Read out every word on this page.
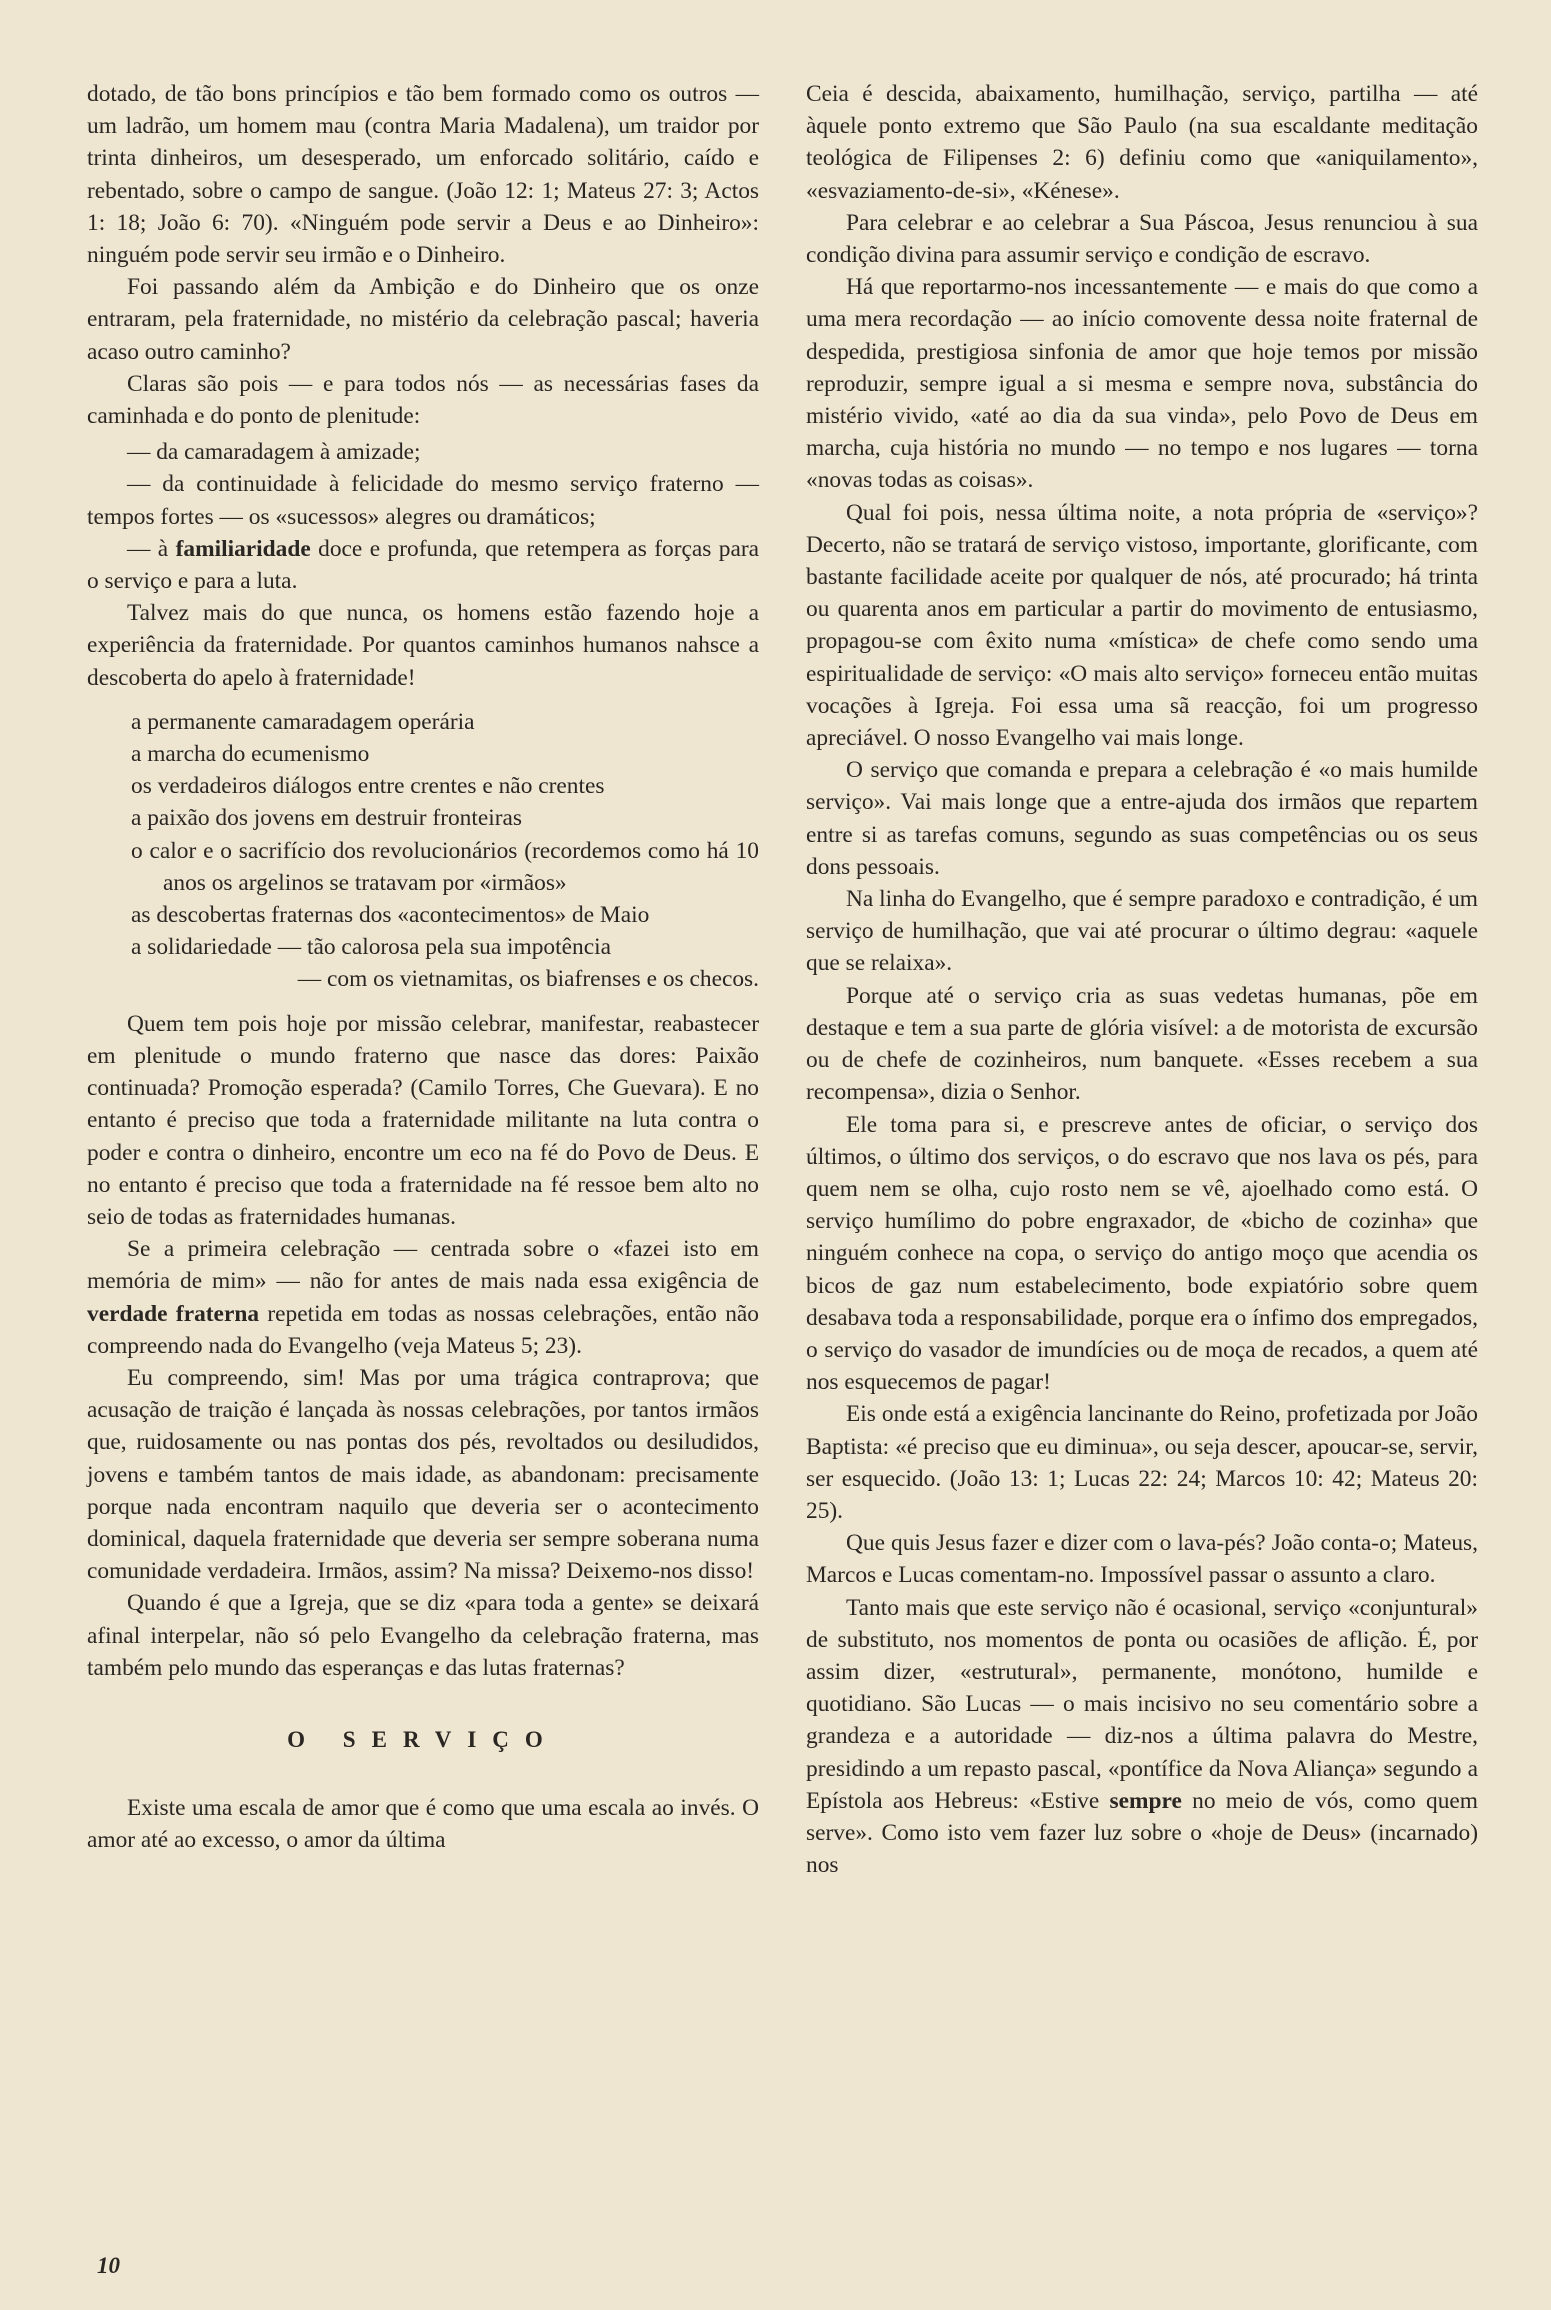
dotado, de tão bons princípios e tão bem formado como os outros — um ladrão, um homem mau (contra Maria Madalena), um traidor por trinta dinheiros, um desesperado, um enforcado solitário, caído e rebentado, sobre o campo de sangue. (João 12: 1; Mateus 27: 3; Actos 1: 18; João 6: 70). «Ninguém pode servir a Deus e ao Dinheiro»: ninguém pode servir seu irmão e o Dinheiro.

Foi passando além da Ambição e do Dinheiro que os onze entraram, pela fraternidade, no mistério da celebração pascal; haveria acaso outro caminho?

Claras são pois — e para todos nós — as necessárias fases da caminhada e do ponto de plenitude:

— da camaradagem à amizade;

— da continuidade à felicidade do mesmo serviço fraterno — tempos fortes — os «sucessos» alegres ou dramáticos;

— à familiaridade doce e profunda, que retempera as forças para o serviço e para a luta.

Talvez mais do que nunca, os homens estão fazendo hoje a experiência da fraternidade. Por quantos caminhos humanos nahsce a descoberta do apelo à fraternidade!

a permanente camaradagem operária
a marcha do ecumenismo
os verdadeiros diálogos entre crentes e não crentes
a paixão dos jovens em destruir fronteiras
o calor e o sacrifício dos revolucionários (recordemos como há 10 anos os argelinos se tratavam por «irmãos»
as descobertas fraternas dos «acontecimentos» de Maio
a solidariedade — tão calorosa pela sua impotência
— com os vietnamitas, os biafrenses e os checos.

Quem tem pois hoje por missão celebrar, manifestar, reabastecer em plenitude o mundo fraterno que nasce das dores: Paixão continuada? Promoção esperada? (Camilo Torres, Che Guevara). E no entanto é preciso que toda a fraternidade militante na luta contra o poder e contra o dinheiro, encontre um eco na fé do Povo de Deus. E no entanto é preciso que toda a fraternidade na fé ressoe bem alto no seio de todas as fraternidades humanas.

Se a primeira celebração — centrada sobre o «fazei isto em memória de mim» — não for antes de mais nada essa exigência de verdade fraterna repetida em todas as nossas celebrações, então não compreendo nada do Evangelho (veja Mateus 5; 23).

Eu compreendo, sim! Mas por uma trágica contraprova; que acusação de traição é lançada às nossas celebrações, por tantos irmãos que, ruidosamente ou nas pontas dos pés, revoltados ou desiludidos, jovens e também tantos de mais idade, as abandonam: precisamente porque nada encontram naquilo que deveria ser o acontecimento dominical, daquela fraternidade que deveria ser sempre soberana numa comunidade verdadeira. Irmãos, assim? Na missa? Deixemo-nos disso!

Quando é que a Igreja, que se diz «para toda a gente» se deixará afinal interpelar, não só pelo Evangelho da celebração fraterna, mas também pelo mundo das esperanças e das lutas fraternas?

O SERVIÇO

Existe uma escala de amor que é como que uma escala ao invés. O amor até ao excesso, o amor da última

Ceia é descida, abaixamento, humilhação, serviço, partilha — até àquele ponto extremo que São Paulo (na sua escaldante meditação teológica de Filipenses 2: 6) definiu como que «aniquilamento», «esvaziamento-de-si», «Kénese».

Para celebrar e ao celebrar a Sua Páscoa, Jesus renunciou à sua condição divina para assumir serviço e condição de escravo.

Há que reportarmo-nos incessantemente — e mais do que como a uma mera recordação — ao início comovente dessa noite fraternal de despedida, prestigiosa sinfonia de amor que hoje temos por missão reproduzir, sempre igual a si mesma e sempre nova, substância do mistério vivido, «até ao dia da sua vinda», pelo Povo de Deus em marcha, cuja história no mundo — no tempo e nos lugares — torna «novas todas as coisas».

Qual foi pois, nessa última noite, a nota própria de «serviço»? Decerto, não se tratará de serviço vistoso, importante, glorificante, com bastante facilidade aceite por qualquer de nós, até procurado; há trinta ou quarenta anos em particular a partir do movimento de entusiasmo, propagou-se com êxito numa «mística» de chefe como sendo uma espiritualidade de serviço: «O mais alto serviço» forneceu então muitas vocações à Igreja. Foi essa uma sã reacção, foi um progresso apreciável. O nosso Evangelho vai mais longe.

O serviço que comanda e prepara a celebração é «o mais humilde serviço». Vai mais longe que a entre-ajuda dos irmãos que repartem entre si as tarefas comuns, segundo as suas competências ou os seus dons pessoais.

Na linha do Evangelho, que é sempre paradoxo e contradição, é um serviço de humilhação, que vai até procurar o último degrau: «aquele que se relaixa».

Porque até o serviço cria as suas vedetas humanas, põe em destaque e tem a sua parte de glória visível: a de motorista de excursão ou de chefe de cozinheiros, num banquete. «Esses recebem a sua recompensa», dizia o Senhor.

Ele toma para si, e prescreve antes de oficiar, o serviço dos últimos, o último dos serviços, o do escravo que nos lava os pés, para quem nem se olha, cujo rosto nem se vê, ajoelhado como está. O serviço humílimo do pobre engraxador, de «bicho de cozinha» que ninguém conhece na copa, o serviço do antigo moço que acendia os bicos de gaz num estabelecimento, bode expiatório sobre quem desabava toda a responsabilidade, porque era o ínfimo dos empregados, o serviço do vasador de imundícies ou de moça de recados, a quem até nos esquecemos de pagar!

Eis onde está a exigência lancinante do Reino, profetizada por João Baptista: «é preciso que eu diminua», ou seja descer, apoucar-se, servir, ser esquecido. (João 13: 1; Lucas 22: 24; Marcos 10: 42; Mateus 20: 25).

Que quis Jesus fazer e dizer com o lava-pés? João conta-o; Mateus, Marcos e Lucas comentam-no. Impossível passar o assunto a claro.

Tanto mais que este serviço não é ocasional, serviço «conjuntural» de substituto, nos momentos de ponta ou ocasiões de aflição. É, por assim dizer, «estrutural», permanente, monótono, humilde e quotidiano. São Lucas — o mais incisivo no seu comentário sobre a grandeza e a autoridade — diz-nos a última palavra do Mestre, presidindo a um repasto pascal, «pontífice da Nova Aliança» segundo a Epístola aos Hebreus: «Estive sempre no meio de vós, como quem serve». Como isto vem fazer luz sobre o «hoje de Deus» (incarnado) nos

10
